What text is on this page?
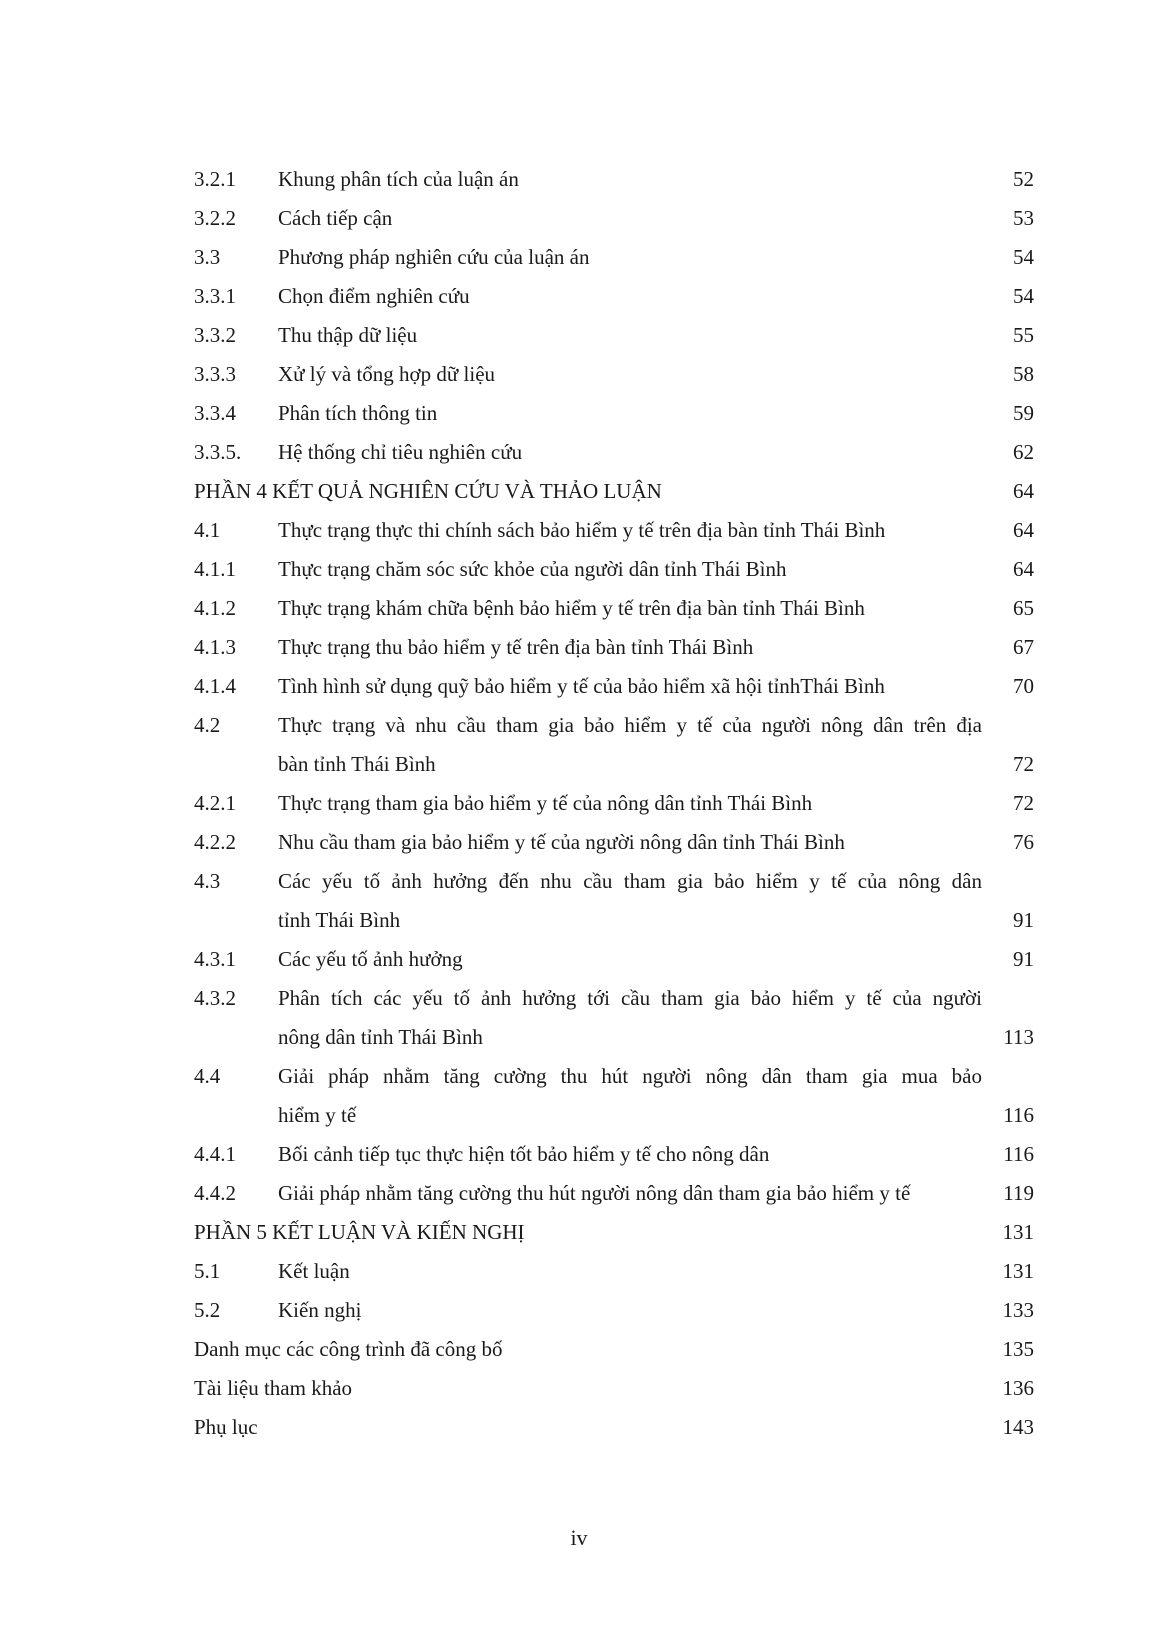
3.2.1 Khung phân tích của luận án	52
3.2.2 Cách tiếp cận	53
3.3	Phương pháp nghiên cứu của luận án	54
3.3.1 Chọn điểm nghiên cứu	54
3.3.2 Thu thập dữ liệu	55
3.3.3 Xử lý và tổng hợp dữ liệu	58
3.3.4 Phân tích thông tin	59
3.3.5. Hệ thống chỉ tiêu nghiên cứu	62
PHẦN 4 KẾT QUẢ NGHIÊN CỨU VÀ THẢO LUẬN	64
4.1	Thực trạng thực thi chính sách bảo hiểm y tế trên địa bàn tỉnh Thái Bình	64
4.1.1 Thực trạng chăm sóc sức khỏe của người dân tỉnh Thái Bình	64
4.1.2 Thực trạng khám chữa bệnh bảo hiểm y tế trên địa bàn tỉnh Thái Bình	65
4.1.3 Thực trạng thu bảo hiểm y tế trên địa bàn tỉnh Thái Bình	67
4.1.4 Tình hình sử dụng quỹ bảo hiểm y tế của bảo hiểm xã hội tỉnhThái Bình	70
4.2	Thực trạng và nhu cầu tham gia bảo hiểm y tế của người nông dân trên địa
bàn tỉnh Thái Bình	72
4.2.1 Thực trạng tham gia bảo hiểm y tế của nông dân tỉnh Thái Bình	72
4.2.2 Nhu cầu tham gia bảo hiểm y tế của người nông dân tỉnh Thái Bình	76
4.3	Các yếu tố ảnh hưởng đến nhu cầu tham gia bảo hiểm y tế của nông dân
tỉnh Thái Bình	91
4.3.1 Các yếu tố ảnh hưởng	91
4.3.2 Phân tích các yếu tố ảnh hưởng tới cầu tham gia bảo hiểm y tế của người
nông dân tỉnh Thái Bình	113
4.4	Giải pháp nhằm tăng cường thu hút người nông dân tham gia mua bảo
hiểm y tế	116
4.4.1 Bối cảnh tiếp tục thực hiện tốt bảo hiểm y tế cho nông dân	116
4.4.2 Giải pháp nhằm tăng cường thu hút người nông dân tham gia bảo hiểm y tế	119
PHẦN 5 KẾT LUẬN VÀ KIẾN NGHỊ	131
5.1	Kết luận	131
5.2	Kiến nghị	133
Danh mục các công trình đã công bố	135
Tài liệu tham khảo	136
Phụ lục	143
iv
